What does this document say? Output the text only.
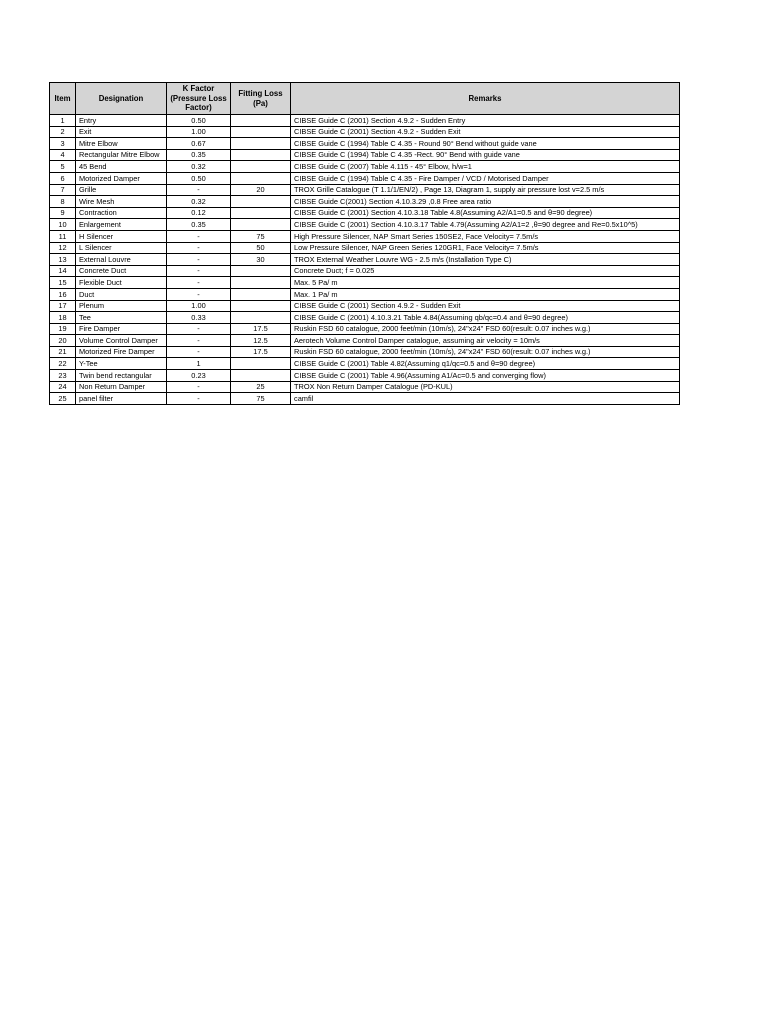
Item	Designation	K Factor (Pressure Loss Factor)	Fitting Loss (Pa)	Remarks
1	Entry	0.50		CIBSE Guide C (2001) Section 4.9.2 - Sudden Entry
2	Exit	1.00		CIBSE Guide C (2001) Section 4.9.2 - Sudden Exit
3	Mitre Elbow	0.67		CIBSE Guide C (1994) Table C 4.35 - Round 90° Bend without guide vane
4	Rectangular Mitre Elbow	0.35		CIBSE Guide C (1994) Table C 4.35 -Rect. 90° Bend with guide vane
5	45 Bend	0.32		CIBSE Guide C (2007) Table 4.115 - 45° Elbow, h/w=1
6	Motorized Damper	0.50		CIBSE Guide C (1994) Table C 4.35 - Fire Damper / VCD / Motorised Damper
7	Grille	-	20	TROX Grille Catalogue (T 1.1/1/EN/2) , Page 13, Diagram 1, supply air pressure lost v=2.5 m/s
8	Wire Mesh	0.32		CIBSE Guide C(2001) Section 4.10.3.29 ,0.8 Free area ratio
9	Contraction	0.12		CIBSE Guide C (2001) Section 4.10.3.18 Table 4.8(Assuming A2/A1=0.5 and θ=90 degree)
10	Enlargement	0.35		CIBSE Guide C (2001) Section 4.10.3.17 Table 4.79(Assuming A2/A1=2 ,θ=90 degree and Re=0.5x10^5)
11	H Silencer	-	75	High Pressure Silencer, NAP Smart Series 150SE2, Face Velocity= 7.5m/s
12	L Silencer	-	50	Low Pressure Silencer, NAP Green Series 120GR1, Face Velocity= 7.5m/s
13	External Louvre	-	30	TROX External Weather Louvre WG - 2.5 m/s (Installation Type C)
14	Concrete Duct	-		Concrete Duct; f = 0.025
15	Flexible Duct	-		Max. 5 Pa/ m
16	Duct	-		Max. 1 Pa/ m
17	Plenum	1.00		CIBSE Guide C (2001) Section 4.9.2 - Sudden Exit
18	Tee	0.33		CIBSE Guide C (2001) 4.10.3.21 Table 4.84(Assuming qb/qc=0.4 and θ=90 degree)
19	Fire Damper	-	17.5	Ruskin FSD 60 catalogue, 2000 feet/min (10m/s), 24"x24" FSD 60(result: 0.07 inches w.g.)
20	Volume Control Damper	-	12.5	Aerotech Volume Control Damper catalogue, assuming air velocity = 10m/s
21	Motorized Fire Damper	-	17.5	Ruskin FSD 60 catalogue, 2000 feet/min (10m/s), 24"x24" FSD 60(result: 0.07 inches w.g.)
22	Y-Tee	1		CIBSE Guide C (2001) Table 4.82(Assuming q1/qc=0.5 and θ=90 degree)
23	Twin bend rectangular	0.23		CIBSE Guide C (2001) Table 4.96(Assuming A1/Ac=0.5 and converging flow)
24	Non Return Damper	-	25	TROX Non Return Damper Catalogue (PD-KUL)
25	panel filter	-	75	camfil
